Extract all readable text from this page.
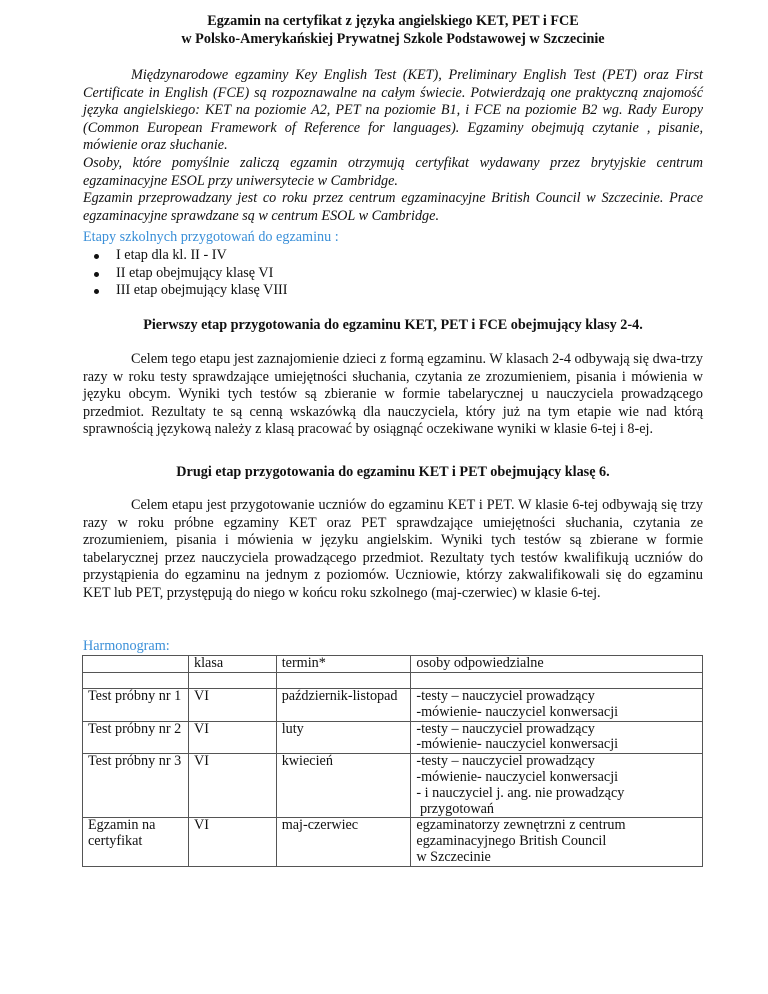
Egzamin na certyfikat z języka angielskiego KET, PET i FCE
w Polsko-Amerykańskiej Prywatnej Szkole Podstawowej w Szczecinie

Międzynarodowe egzaminy Key English Test (KET), Preliminary English Test (PET) oraz First Certificate in English (FCE) są rozpoznawalne na całym świecie. Potwierdzają one praktyczną znajomość języka angielskiego: KET na poziomie A2, PET na poziomie B1, i FCE na poziomie B2 wg. Rady Europy (Common European Framework of Reference for languages). Egzaminy obejmują czytanie , pisanie, mówienie oraz słuchanie.

Osoby, które pomyślnie zaliczą egzamin otrzymują certyfikat wydawany przez brytyjskie centrum egzaminacyjne ESOL przy uniwersytecie w Cambridge.

Egzamin przeprowadzany jest co roku przez centrum egzaminacyjne British Council w Szczecinie. Prace egzaminacyjne sprawdzane są w centrum ESOL w Cambridge.

Etapy szkolnych przygotowań do egzaminu :
I etap dla kl. II - IV
II etap obejmujący klasę VI
III etap obejmujący klasę VIII
Pierwszy etap przygotowania do egzaminu KET, PET i FCE obejmujący klasy 2-4.

Celem tego etapu jest zaznajomienie dzieci z formą egzaminu. W klasach 2-4 odbywają się dwa-trzy razy w roku testy sprawdzające umiejętności słuchania, czytania ze zrozumieniem, pisania i mówienia w języku obcym. Wyniki tych testów są zbieranie w formie tabelarycznej u nauczyciela prowadzącego przedmiot. Rezultaty te są cenną wskazówką dla nauczyciela, który już na tym etapie wie nad którą sprawnością językową należy z klasą pracować by osiągnąć oczekiwane wyniki w klasie 6-tej i 8-ej.

Drugi etap przygotowania do egzaminu KET i PET obejmujący klasę 6.

Celem etapu jest przygotowanie uczniów do egzaminu KET i PET. W klasie 6-tej odbywają się trzy razy w roku próbne egzaminy KET oraz PET sprawdzające umiejętności słuchania, czytania ze zrozumieniem, pisania i mówienia w języku angielskim. Wyniki tych testów są zbierane w formie tabelarycznej przez nauczyciela prowadzącego przedmiot. Rezultaty tych testów kwalifikują uczniów do przystąpienia do egzaminu na jednym z poziomów. Uczniowie, którzy zakwalifikowali się do egzaminu KET lub PET, przystępują do niego w końcu roku szkolnego (maj-czerwiec) w klasie 6-tej.

Harmonogram:
	klasa	termin*	osoby odpowiedzialne

Test próbny nr 1	VI	październik-listopad	-testy – nauczyciel prowadzący
-mówienie- nauczyciel konwersacji

Test próbny nr 2	VI	luty	-testy – nauczyciel prowadzący
-mówienie- nauczyciel konwersacji

Test próbny nr 3	VI	kwiecień	-testy – nauczyciel prowadzący
-mówienie- nauczyciel konwersacji
- i nauczyciel j. ang. nie prowadzący
przygotowań

Egzamin na
certyfikat
	VI	maj-czerwiec	egzaminatorzy zewnętrzni z centrum
egzaminacyjnego British Council
w Szczecinie
